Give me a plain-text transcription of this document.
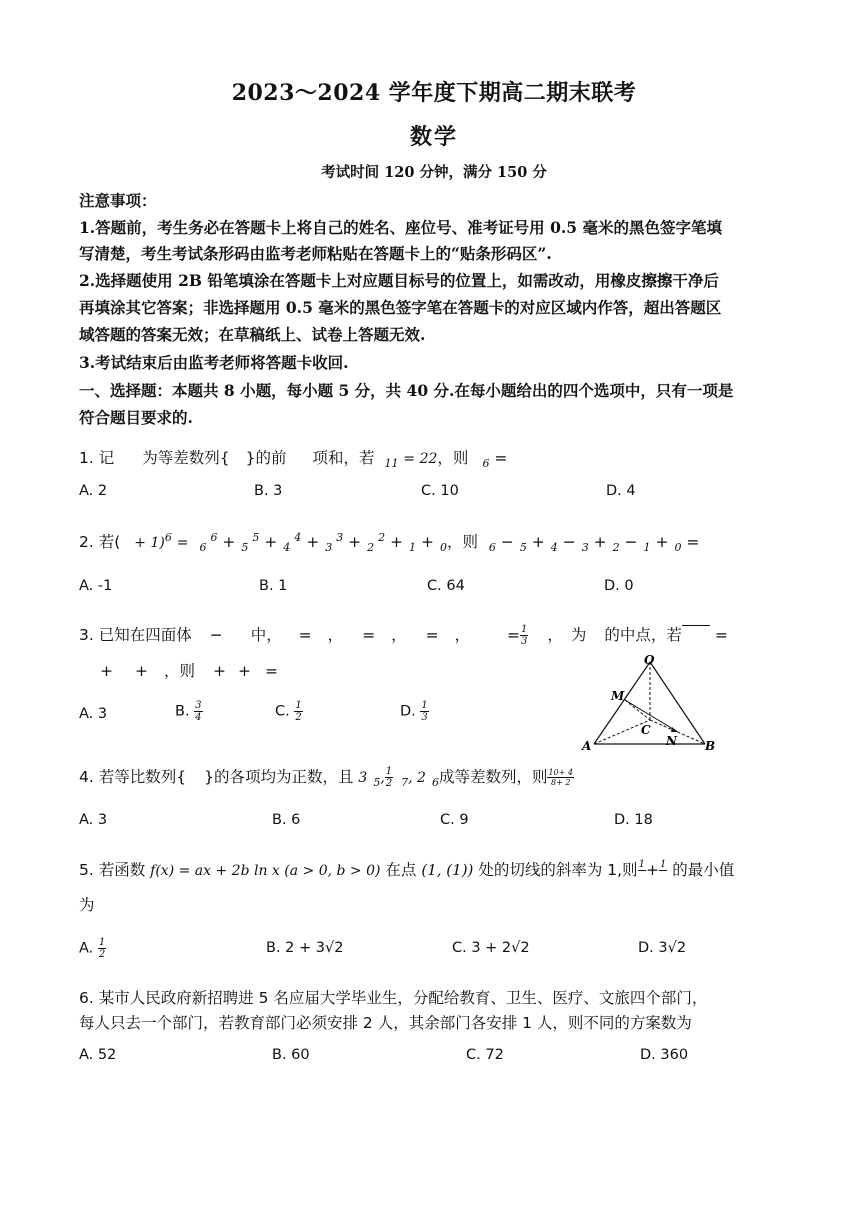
2023～2024 学年度下期高二期末联考
数学
考试时间 120 分钟，满分 150 分
注意事项：
1.答题前，考生务必在答题卡上将自己的姓名、座位号、准考证号用 0.5 毫米的黑色签字笔填
写清楚，考生考试条形码由监考老师粘贴在答题卡上的“贴条形码区”.
2.选择题使用 2B 铅笔填涂在答题卡上对应题目标号的位置上，如需改动，用橡皮擦擦干净后
再填涂其它答案；非选择题用 0.5 毫米的黑色签字笔在答题卡的对应区域内作答，超出答题区
域答题的答案无效；在草稿纸上、试卷上答题无效.
3.考试结束后由监考老师将答题卡收回.
一、选择题：本题共 8 小题，每小题 5 分，共 40 分.在每小题给出的四个选项中，只有一项是
符合题目要求的.
1. 记 为等差数列{ }的前 项和，若 $_{11}$ = 22，则 $_6$ =
A. 2	B. 3	C. 10	D. 4
2. 若( + 1)$^6$ = $_6^6$ + $_5^5$ + $_4^4$ + $_3^3$ + $_2^2$ + $_1$ + $_0$，则 $_6$ − $_5$ + $_4$ − $_3$ + $_2$ − $_1$ + $_0$ =
A. -1	B. 1	C. 64	D. 0
3. 已知在四面体 − 中， = ， = ， = ， = $\frac{1}{3}$ ， 为 的中点，若 =
+ + ，则 + + =
A. 3	B. $\frac{3}{4}$	C. $\frac{1}{2}$	D. $\frac{1}{3}$
O
M
C
N
A	B
4. 若等比数列{ }的各项均为正数，且 3 $_5$, $\frac{1}{2} _7$, 2 $_6$成等差数列，则 $\frac{10+ 4}{8+ 2}$
A. 3	B. 6	C. 9	D. 18
5. 若函数 f(x) = ax + 2b ln x (a > 0, b > 0) 在点 (1, (1)) 处的切线的斜率为 1,则 1
+ 1
的最小值
为
A. $\frac{1}{2}$	B. 2 + 3√2	C. 3 + 2√2	D. 3√2
6. 某市人民政府新招聘进 5 名应届大学毕业生，分配给教育、卫生、医疗、文旅四个部门，
每人只去一个部门，若教育部门必须安排 2 人，其余部门各安排 1 人，则不同的方案数为
A. 52	B. 60	C. 72	D. 360
